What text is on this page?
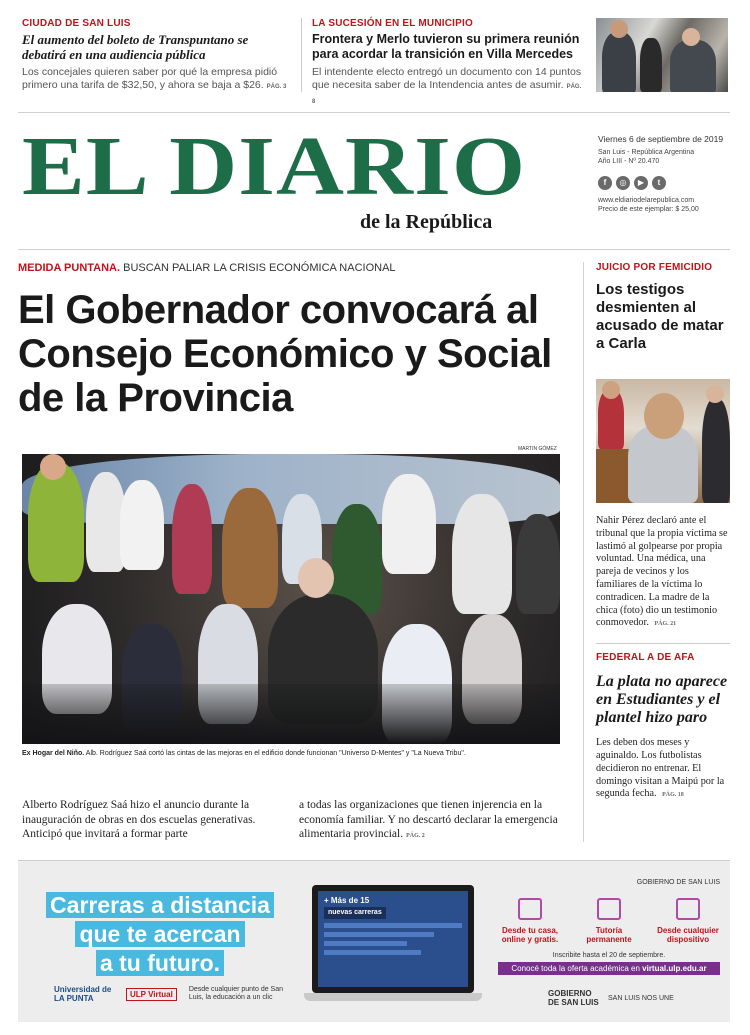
CIUDAD DE SAN LUIS
El aumento del boleto de Transpuntano se debatirá en una audiencia pública

Los concejales quieren saber por qué la empresa pidió primero una tarifa de $32,50, y ahora se baja a $26. PÁG. 3

LA SUCESIÓN EN EL MUNICIPIO
Frontera y Merlo tuvieron su primera reunión para acordar la transición en Villa Mercedes

El intendente electo entregó un documento con 14 puntos que necesita saber de la Intendencia antes de asumir. PÁG. 8

EL DIARIO
de la República
Viernes 6 de septiembre de 2019
San Luis - República Argentina
Año LIII - Nº 20.470
f	◎	▶	t
www.eldiariodelarepublica.com
Precio de este ejemplar: $ 25,00
MEDIDA PUNTANA. BUSCAN PALIAR LA CRISIS ECONÓMICA NACIONAL
El Gobernador convocará al Consejo Económico y Social de la Provincia
MARTIN GÓMEZ
Ex Hogar del Niño. Alb. Rodríguez Saá cortó las cintas de las mejoras en el edificio donde funcionan "Universo D-Mentes" y "La Nueva Tribu".

Alberto Rodríguez Saá hizo el anuncio durante la inauguración de obras en dos escuelas generativas. Anticipó que invitará a formar parte

a todas las organizaciones que tienen injerencia en la economía familiar. Y no descartó declarar la emergencia alimentaria provincial. PÁG. 2

JUICIO POR FEMICIDIO
Los testigos desmienten al acusado de matar a Carla

Nahir Pérez declaró ante el tribunal que la propia víctima se lastimó al golpearse por propia voluntad. Una médica, una pareja de vecinos y los familiares de la víctima lo contradicen. La madre de la chica (foto) dio un testimonio conmovedor. PÁG. 21

FEDERAL A DE AFA
La plata no aparece en Estudiantes y el plantel hizo paro

Les deben dos meses y aguinaldo. Los futbolistas decidieron no entrenar. El domingo visitan a Maipú por la segunda fecha. PÁG. 18

Carreras a distancia
que te acercan
a tu futuro.
Universidad de LA PUNTA	ULP Virtual	Desde cualquier punto de San Luis, la educación a un clic
+ Más de 15
nuevas carreras
GOBIERNO DE SAN LUIS
Desde tu casa, online y gratis.
Tutoría permanente
Desde cualquier dispositivo
Inscribite hasta el 20 de septiembre.
Conocé toda la oferta académica en virtual.ulp.edu.ar
GOBIERNO DE SAN LUIS	SAN LUIS NOS UNE
